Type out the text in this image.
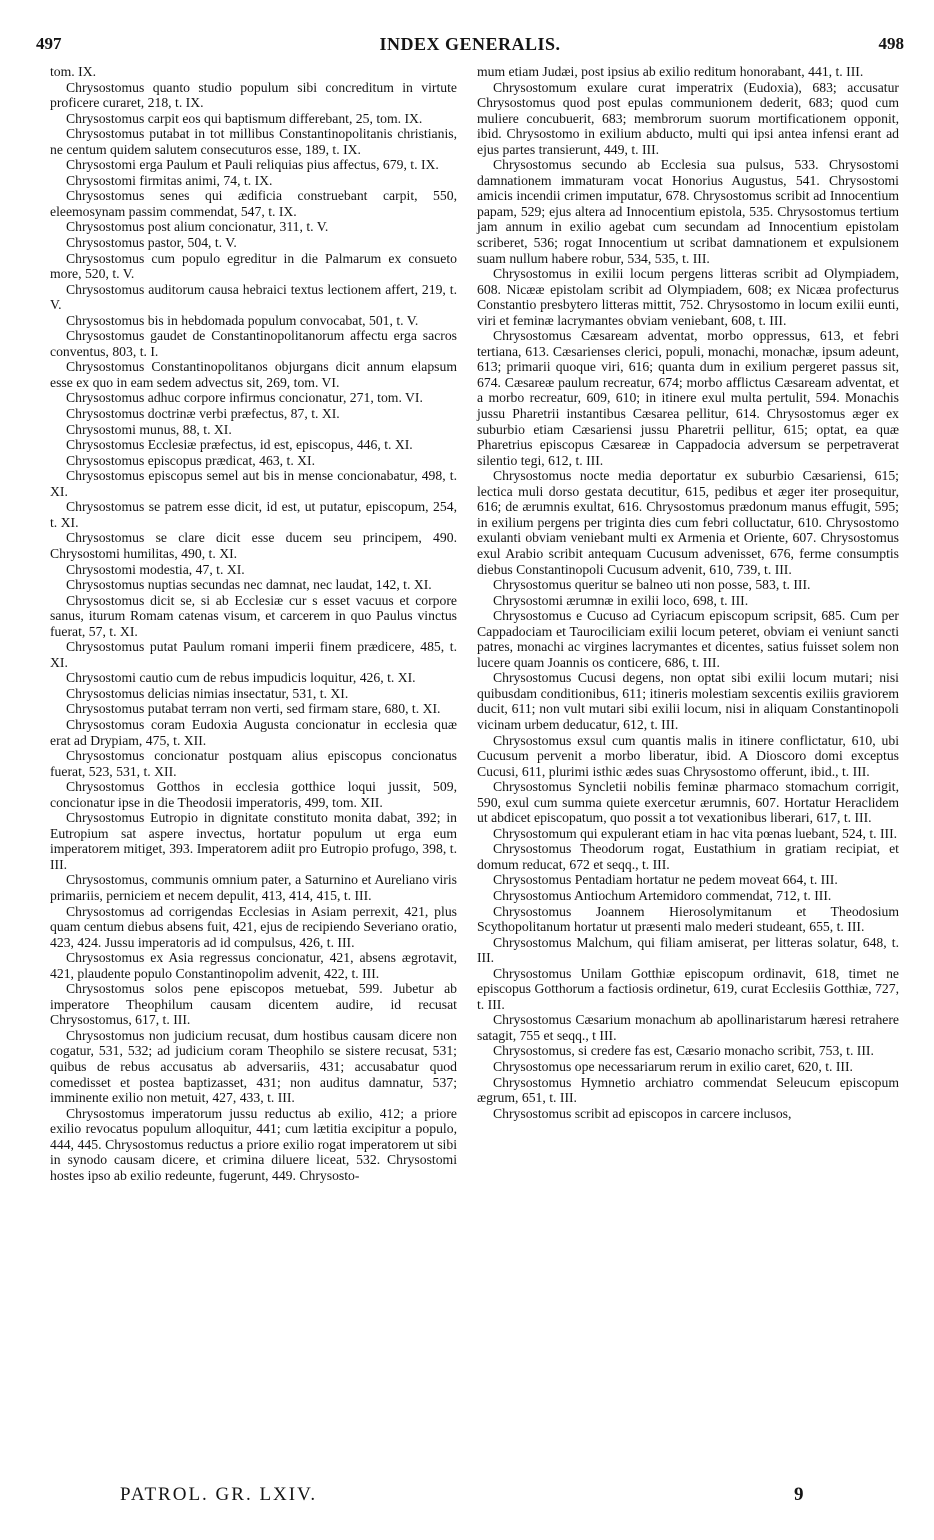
497	INDEX GENERALIS.	498

tom. IX.

Chrysostomus quanto studio populum sibi concreditum in virtute proficere curaret, 218, t. IX.

Chrysostomus carpit eos qui baptismum differebant, 25, tom. IX.

Chrysostomus putabat in tot millibus Constantinopolitanis christianis, ne centum quidem salutem consecuturos esse, 189, t. IX.

Chrysostomi erga Paulum et Pauli reliquias pius affectus, 679, t. IX.

Chrysostomi firmitas animi, 74, t. IX.

Chrysostomus senes qui ædificia construebant carpit, 550, eleemosynam passim commendat, 547, t. IX.

Chrysostomus post alium concionatur, 311, t. V.

Chrysostomus pastor, 504, t. V.

Chrysostomus cum populo egreditur in die Palmarum ex consueto more, 520, t. V.

Chrysostomus auditorum causa hebraici textus lectionem affert, 219, t. V.

Chrysostomus bis in hebdomada populum convocabat, 501, t. V.

Chrysostomus gaudet de Constantinopolitanorum affectu erga sacros conventus, 803, t. I.

Chrysostomus Constantinopolitanos objurgans dicit annum elapsum esse ex quo in eam sedem advectus sit, 269, tom. VI.

Chrysostomus adhuc corpore infirmus concionatur, 271, tom. VI.

Chrysostomus doctrinæ verbi præfectus, 87, t. XI.

Chrysostomi munus, 88, t. XI.

Chrysostomus Ecclesiæ præfectus, id est, episcopus, 446, t. XI.

Chrysostomus episcopus prædicat, 463, t. XI.

Chrysostomus episcopus semel aut bis in mense concionabatur, 498, t. XI.

Chrysostomus se patrem esse dicit, id est, ut putatur, episcopum, 254, t. XI.

Chrysostomus se clare dicit esse ducem seu principem, 490. Chrysostomi humilitas, 490, t. XI.

Chrysostomi modestia, 47, t. XI.

Chrysostomus nuptias secundas nec damnat, nec laudat, 142, t. XI.

Chrysostomus dicit se, si ab Ecclesiæ cur s esset vacuus et corpore sanus, iturum Romam catenas visum, et carcerem in quo Paulus vinctus fuerat, 57, t. XI.

Chrysostomus putat Paulum romani imperii finem prædicere, 485, t. XI.

Chrysostomi cautio cum de rebus impudicis loquitur, 426, t. XI.

Chrysostomus delicias nimias insectatur, 531, t. XI.

Chrysostomus putabat terram non verti, sed firmam stare, 680, t. XI.

Chrysostomus coram Eudoxia Augusta concionatur in ecclesia quæ erat ad Drypiam, 475, t. XII.

Chrysostomus concionatur postquam alius episcopus concionatus fuerat, 523, 531, t. XII.

Chrysostomus Gotthos in ecclesia gotthice loqui jussit, 509, concionatur ipse in die Theodosii imperatoris, 499, tom. XII.

Chrysostomus Eutropio in dignitate constituto monita dabat, 392; in Eutropium sat aspere invectus, hortatur populum ut erga eum imperatorem mitiget, 393. Imperatorem adiit pro Eutropio profugo, 398, t. III.

Chrysostomus, communis omnium pater, a Saturnino et Aureliano viris primariis, perniciem et necem depulit, 413, 414, 415, t. III.

Chrysostomus ad corrigendas Ecclesias in Asiam perrexit, 421, plus quam centum diebus absens fuit, 421, ejus de recipiendo Severiano oratio, 423, 424. Jussu imperatoris ad id compulsus, 426, t. III.

Chrysostomus ex Asia regressus concionatur, 421, absens ægrotavit, 421, plaudente populo Constantinopolim advenit, 422, t. III.

Chrysostomus solos pene episcopos metuebat, 599. Jubetur ab imperatore Theophilum causam dicentem audire, id recusat Chrysostomus, 617, t. III.

Chrysostomus non judicium recusat, dum hostibus causam dicere non cogatur, 531, 532; ad judicium coram Theophilo se sistere recusat, 531; quibus de rebus accusatus ab adversariis, 431; accusabatur quod comedisset et postea baptizasset, 431; non auditus damnatur, 537; imminente exilio non metuit, 427, 433, t. III.

Chrysostomus imperatorum jussu reductus ab exilio, 412; a priore exilio revocatus populum alloquitur, 441; cum lætitia excipitur a populo, 444, 445. Chrysostomus reductus a priore exilio rogat imperatorem ut sibi in synodo causam dicere, et crimina diluere liceat, 532. Chrysostomi hostes ipso ab exilio redeunte, fugerunt, 449. Chrysosto-

mum etiam Judæi, post ipsius ab exilio reditum honorabant, 441, t. III.

Chrysostomum exulare curat imperatrix (Eudoxia), 683; accusatur Chrysostomus quod post epulas communionem dederit, 683; quod cum muliere concubuerit, 683; membrorum suorum mortificationem opponit, ibid. Chrysostomo in exilium abducto, multi qui ipsi antea infensi erant ad ejus partes transierunt, 449, t. III.

Chrysostomus secundo ab Ecclesia sua pulsus, 533. Chrysostomi damnationem immaturam vocat Honorius Augustus, 541. Chrysostomi amicis incendii crimen imputatur, 678. Chrysostomus scribit ad Innocentium papam, 529; ejus altera ad Innocentium epistola, 535. Chrysostomus tertium jam annum in exilio agebat cum secundam ad Innocentium epistolam scriberet, 536; rogat Innocentium ut scribat damnationem et expulsionem suam nullum habere robur, 534, 535, t. III.

Chrysostomus in exilii locum pergens litteras scribit ad Olympiadem, 608. Nicææ epistolam scribit ad Olympiadem, 608; ex Nicæa profecturus Constantio presbytero litteras mittit, 752. Chrysostomo in locum exilii eunti, viri et feminæ lacrymantes obviam veniebant, 608, t. III.

Chrysostomus Cæsaream adventat, morbo oppressus, 613, et febri tertiana, 613. Cæsarienses clerici, populi, monachi, monachæ, ipsum adeunt, 613; primarii quoque viri, 616; quanta dum in exilium pergeret passus sit, 674. Cæsareæ paulum recreatur, 674; morbo afflictus Cæsaream adventat, et a morbo recreatur, 609, 610; in itinere exul multa pertulit, 594. Monachis jussu Pharetrii instantibus Cæsarea pellitur, 614. Chrysostomus æger ex suburbio etiam Cæsariensi jussu Pharetrii pellitur, 615; optat, ea quæ Pharetrius episcopus Cæsareæ in Cappadocia adversum se perpetraverat silentio tegi, 612, t. III.

Chrysostomus nocte media deportatur ex suburbio Cæsariensi, 615; lectica muli dorso gestata decutitur, 615, pedibus et æger iter prosequitur, 616; de ærumnis exultat, 616. Chrysostomus prædonum manus effugit, 595; in exilium pergens per triginta dies cum febri colluctatur, 610. Chrysostomo exulanti obviam veniebant multi ex Armenia et Oriente, 607. Chrysostomus exul Arabio scribit antequam Cucusum advenisset, 676, ferme consumptis diebus Constantinopoli Cucusum advenit, 610, 739, t. III.

Chrysostomus queritur se balneo uti non posse, 583, t. III.

Chrysostomi ærumnæ in exilii loco, 698, t. III.

Chrysostomus e Cucuso ad Cyriacum episcopum scripsit, 685. Cum per Cappadociam et Taurociliciam exilii locum peteret, obviam ei veniunt sancti patres, monachi ac virgines lacrymantes et dicentes, satius fuisset solem non lucere quam Joannis os conticere, 686, t. III.

Chrysostomus Cucusi degens, non optat sibi exilii locum mutari; nisi quibusdam conditionibus, 611; itineris molestiam sexcentis exiliis graviorem ducit, 611; non vult mutari sibi exilii locum, nisi in aliquam Constantinopoli vicinam urbem deducatur, 612, t. III.

Chrysostomus exsul cum quantis malis in itinere conflictatur, 610, ubi Cucusum pervenit a morbo liberatur, ibid. A Dioscoro domi exceptus Cucusi, 611, plurimi isthic ædes suas Chrysostomo offerunt, ibid., t. III.

Chrysostomus Syncletii nobilis feminæ pharmaco stomachum corrigit, 590, exul cum summa quiete exercetur ærumnis, 607. Hortatur Heraclidem ut abdicet episcopatum, quo possit a tot vexationibus liberari, 617, t. III.

Chrysostomum qui expulerant etiam in hac vita pœnas luebant, 524, t. III.

Chrysostomus Theodorum rogat, Eustathium in gratiam recipiat, et domum reducat, 672 et seqq., t. III.

Chrysostomus Pentadiam hortatur ne pedem moveat 664, t. III.

Chrysostomus Antiochum Artemidoro commendat, 712, t. III.

Chrysostomus Joannem Hierosolymitanum et Theodosium Scythopolitanum hortatur ut præsenti malo mederi studeant, 655, t. III.

Chrysostomus Malchum, qui filiam amiserat, per litteras solatur, 648, t. III.

Chrysostomus Unilam Gotthiæ episcopum ordinavit, 618, timet ne episcopus Gotthorum a factiosis ordinetur, 619, curat Ecclesiis Gotthiæ, 727, t. III.

Chrysostomus Cæsarium monachum ab apollinaristarum hæresi retrahere satagit, 755 et seqq., t III.

Chrysostomus, si credere fas est, Cæsario monacho scribit, 753, t. III.

Chrysostomus ope necessariarum rerum in exilio caret, 620, t. III.

Chrysostomus Hymnetio archiatro commendat Seleucum episcopum ægrum, 651, t. III.

Chrysostomus scribit ad episcopos in carcere inclusos,

PATROL. GR. LXIV.	9
